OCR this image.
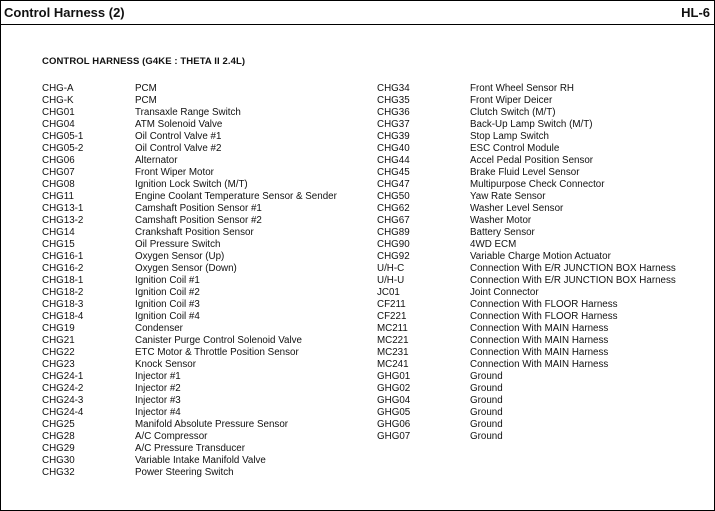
Control Harness (2)	HL-6
CONTROL HARNESS (G4KE : THETA II 2.4L)
CHG-A	PCM
CHG-K	PCM
CHG01	Transaxle Range Switch
CHG04	ATM Solenoid Valve
CHG05-1	Oil Control Valve #1
CHG05-2	Oil Control Valve #2
CHG06	Alternator
CHG07	Front Wiper Motor
CHG08	Ignition Lock Switch (M/T)
CHG11	Engine Coolant Temperature Sensor & Sender
CHG13-1	Camshaft Position Sensor #1
CHG13-2	Camshaft Position Sensor #2
CHG14	Crankshaft Position Sensor
CHG15	Oil Pressure Switch
CHG16-1	Oxygen Sensor (Up)
CHG16-2	Oxygen Sensor (Down)
CHG18-1	Ignition Coil #1
CHG18-2	Ignition Coil #2
CHG18-3	Ignition Coil #3
CHG18-4	Ignition Coil #4
CHG19	Condenser
CHG21	Canister Purge Control Solenoid Valve
CHG22	ETC Motor & Throttle Position Sensor
CHG23	Knock Sensor
CHG24-1	Injector #1
CHG24-2	Injector #2
CHG24-3	Injector #3
CHG24-4	Injector #4
CHG25	Manifold Absolute Pressure Sensor
CHG28	A/C Compressor
CHG29	A/C Pressure Transducer
CHG30	Variable Intake Manifold Valve
CHG32	Power Steering Switch
CHG34	Front Wheel Sensor RH
CHG35	Front Wiper Deicer
CHG36	Clutch Switch (M/T)
CHG37	Back-Up Lamp Switch (M/T)
CHG39	Stop Lamp Switch
CHG40	ESC Control Module
CHG44	Accel Pedal Position Sensor
CHG45	Brake Fluid Level Sensor
CHG47	Multipurpose Check Connector
CHG50	Yaw Rate Sensor
CHG62	Washer Level Sensor
CHG67	Washer Motor
CHG89	Battery Sensor
CHG90	4WD ECM
CHG92	Variable Charge Motion Actuator
U/H-C	Connection With E/R JUNCTION BOX Harness
U/H-U	Connection With E/R JUNCTION BOX Harness
JC01	Joint Connector
CF211	Connection With FLOOR Harness
CF221	Connection With FLOOR Harness
MC211	Connection With MAIN Harness
MC221	Connection With MAIN Harness
MC231	Connection With MAIN Harness
MC241	Connection With MAIN Harness
GHG01	Ground
GHG02	Ground
GHG04	Ground
GHG05	Ground
GHG06	Ground
GHG07	Ground
